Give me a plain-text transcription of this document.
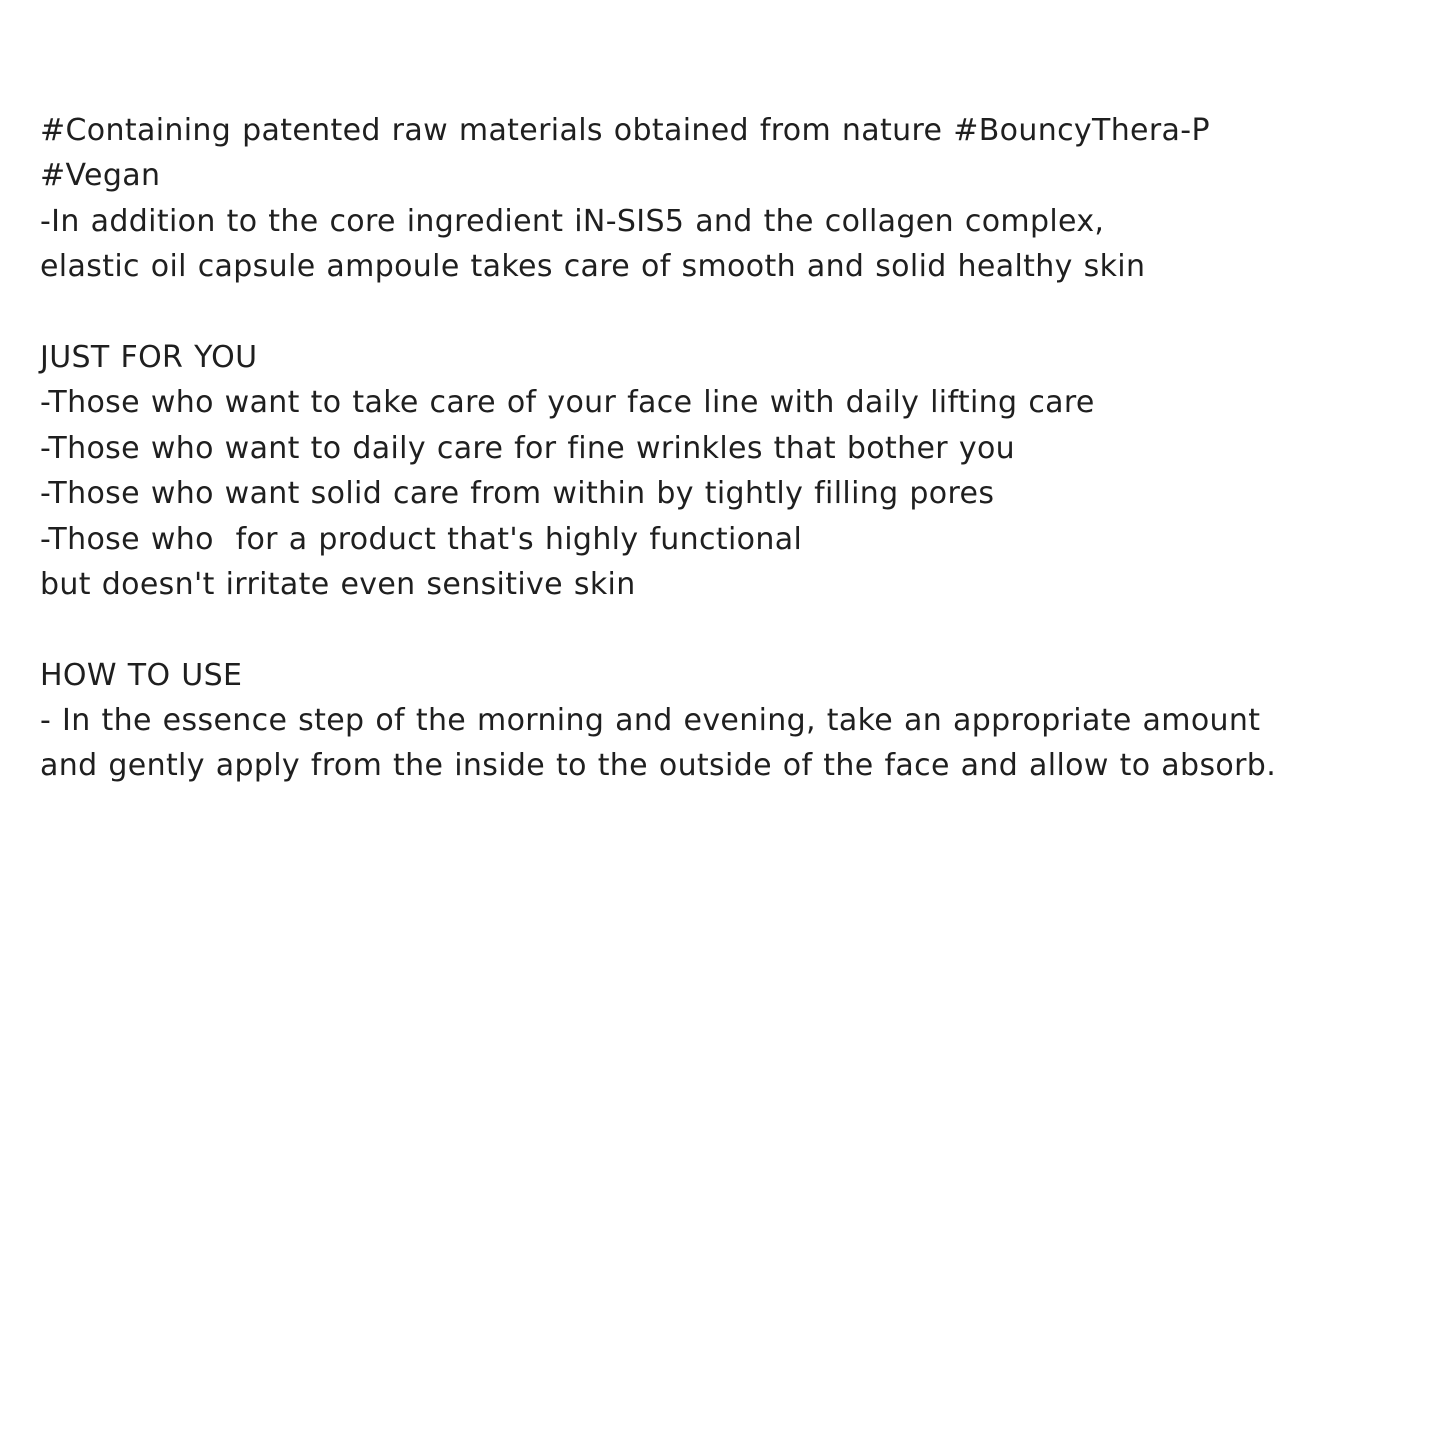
#Containing patented raw materials obtained from nature #BouncyThera-P

#Vegan

-In addition to the core ingredient iN-SIS5 and the collagen complex,

elastic oil capsule ampoule takes care of smooth and solid healthy skin

JUST FOR YOU

-Those who want to take care of your face line with daily lifting care

-Those who want to daily care for fine wrinkles that bother you

-Those who want solid care from within by tightly filling pores

-Those who  for a product that's highly functional

but doesn't irritate even sensitive skin

HOW TO USE

- In the essence step of the morning and evening, take an appropriate amount

and gently apply from the inside to the outside of the face and allow to absorb.
